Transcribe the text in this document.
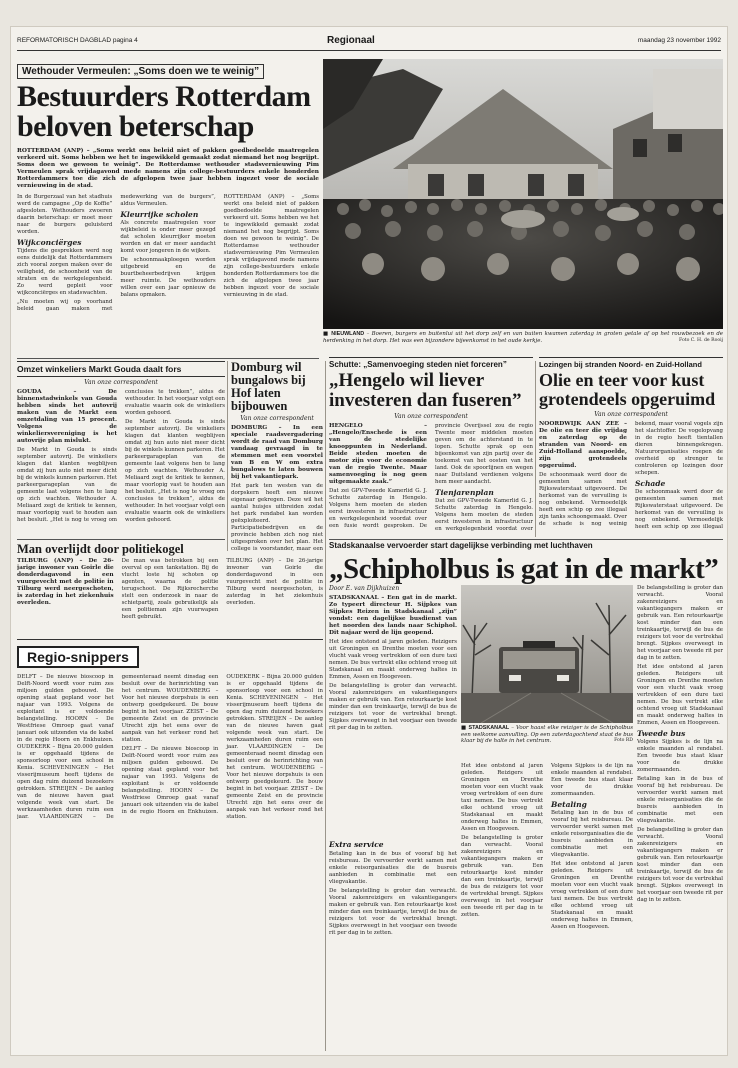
REFORMATORISCH DAGBLAD pagina 4	Regionaal	maandag 23 november 1992
Wethouder Vermeulen: „Soms doen we te weinig”
Bestuurders Rotterdam beloven beterschap
ROTTERDAM (ANP) – „Soms werkt ons beleid niet of pakken goedbedoelde maatregelen verkeerd uit. Soms hebben we het te ingewikkeld gemaakt zodat niemand het nog begrijpt. Soms doen we gewoon te weinig”. De Rotterdamse wethouder stadsvernieuwing Pim Vermeulen sprak vrijdagavond mede namens zijn college-bestuurders enkele honderden Rotterdammers toe die zich de afgelopen twee jaar hebben ingezet voor de sociale vernieuwing in de stad.

In de Burgerzaal van het stadhuis werd de campagne „Op de Koffie” afgesloten. Wethouders zwoeren daarin beterschap: er moet meer naar de burgers geluisterd worden.

Wijkconciërges

Tijdens die gesprekken werd nog eens duidelijk dat Rotterdammers zich vooral zorgen maken over de veiligheid, de schoonheid van de straten en de werkgelegenheid. Zo werd gepleit voor wijkconciërges en stadswachten.

„Nu moeten wij op voorhand beleid gaan maken met medewerking van de burgers”, aldus Vermeulen.

Kleurrijke scholen

Als concrete maatregelen voor wijkbeleid is onder meer gezegd dat scholen kleurrijker moeten worden en dat er meer aandacht komt voor jongeren in de wijken.

De schoonmaakploegen worden uitgebreid en de buurtbeheerbedrijven krijgen meer ruimte. De wethouders willen over een jaar opnieuw de balans opmaken.

ROTTERDAM (ANP) – „Soms werkt ons beleid niet of pakken goedbedoelde maatregelen verkeerd uit. Soms hebben we het te ingewikkeld gemaakt zodat niemand het nog begrijpt. Soms doen we gewoon te weinig”. De Rotterdamse wethouder stadsvernieuwing Pim Vermeulen sprak vrijdagavond mede namens zijn college-bestuurders enkele honderden Rotterdammers toe die zich de afgelopen twee jaar hebben ingezet voor de sociale vernieuwing in de stad.

■ NIEUWLAND – Boeren, burgers en buitenlui uit het dorp zelf en van buiten kwamen zaterdag in groten getale af op het rouwbezoek en de herdenking in het dorp. Het was een bijzondere bijeenkomst in het oude kerkje.	Foto C. H. de Rooij
Omzet winkeliers Markt Gouda daalt fors
Van onze correspondent

GOUDA – De binnenstadwinkels van Gouda hebben sinds het autovrij maken van de Markt een omzetdaling van 15 procent. Volgens de winkeliersvereniging is het autovrije plan mislukt.

De Markt in Gouda is sinds september autovrij. De winkeliers klagen dat klanten wegblijven omdat zij hun auto niet meer dicht bij de winkels kunnen parkeren. Het parkeergarageplan van de gemeente laat volgens hen te lang op zich wachten. Wethouder A. Meliaard zegt de kritiek te kennen, maar voorlopig vast te houden aan het besluit. „Het is nog te vroeg om conclusies te trekken”, aldus de wethouder. In het voorjaar volgt een evaluatie waarin ook de winkeliers worden gehoord.

De Markt in Gouda is sinds september autovrij. De winkeliers klagen dat klanten wegblijven omdat zij hun auto niet meer dicht bij de winkels kunnen parkeren. Het parkeergarageplan van de gemeente laat volgens hen te lang op zich wachten. Wethouder A. Meliaard zegt de kritiek te kennen, maar voorlopig vast te houden aan het besluit. „Het is nog te vroeg om conclusies te trekken”, aldus de wethouder. In het voorjaar volgt een evaluatie waarin ook de winkeliers worden gehoord.

Domburg wil bungalows bij Hof laten bijbouwen
Van onze correspondent

DOMBURG – In een speciale raadsvergadering wordt de raad van Domburg vandaag gevraagd in te stemmen met een voorstel van B en W om extra bungalows te laten bouwen bij het vakantiepark.

Het park ten westen van de dorpskern heeft een nieuwe eigenaar gekregen. Deze wil het aantal huisjes uitbreiden zodat het park rendabel kan worden geëxploiteerd. Participatiebedrijven en de provincie hebben zich nog niet uitgesproken over het plan. Het college is voorstander, maar een

Man overlijdt door politiekogel

TILBURG (ANP) – De 26-jarige inwoner van Goirle die donderdagavond in een vuurgevecht met de politie in Tilburg werd neergeschoten, is zaterdag in het ziekenhuis overleden.

De man was betrokken bij een overval op een tankstation. Bij de vlucht loste hij schoten op agenten, waarna de politie terugschoot. De Rijksrecherche stelt een onderzoek in naar de schietpartij, zoals gebruikelijk als een politieman zijn vuurwapen heeft gebruikt.

TILBURG (ANP) – De 26-jarige inwoner van Goirle die donderdagavond in een vuurgevecht met de politie in Tilburg werd neergeschoten, is zaterdag in het ziekenhuis overleden.

Regio-snippers

DELFT – De nieuwe bioscoop in Delft-Noord wordt voor ruim zes miljoen gulden gebouwd. De opening staat gepland voor het najaar van 1993. Volgens de exploitant is er voldoende belangstelling. HOORN – De Westfriese Omroep gaat vanaf januari ook uitzenden via de kabel in de regio Hoorn en Enkhuizen. OUDEKERK – Bijna 20.000 gulden is er opgehaald tijdens de sponsorloop voor een school in Kenia. SCHEVENINGEN – Het visserijmuseum heeft tijdens de open dag ruim duizend bezoekers getrokken. STREIJEN – De aanleg van de nieuwe haven gaat volgende week van start. De werkzaamheden duren ruim een jaar. VLAARDINGEN – De gemeenteraad neemt dinsdag een besluit over de herinrichting van het centrum. WOUDENBERG – Voor het nieuwe dorpshuis is een ontwerp goedgekeurd. De bouw begint in het voorjaar. ZEIST – De gemeente Zeist en de provincie Utrecht zijn het eens over de aanpak van het verkeer rond het station.

DELFT – De nieuwe bioscoop in Delft-Noord wordt voor ruim zes miljoen gulden gebouwd. De opening staat gepland voor het najaar van 1993. Volgens de exploitant is er voldoende belangstelling. HOORN – De Westfriese Omroep gaat vanaf januari ook uitzenden via de kabel in de regio Hoorn en Enkhuizen. OUDEKERK – Bijna 20.000 gulden is er opgehaald tijdens de sponsorloop voor een school in Kenia. SCHEVENINGEN – Het visserijmuseum heeft tijdens de open dag ruim duizend bezoekers getrokken. STREIJEN – De aanleg van de nieuwe haven gaat volgende week van start. De werkzaamheden duren ruim een jaar. VLAARDINGEN – De gemeenteraad neemt dinsdag een besluit over de herinrichting van het centrum. WOUDENBERG – Voor het nieuwe dorpshuis is een ontwerp goedgekeurd. De bouw begint in het voorjaar. ZEIST – De gemeente Zeist en de provincie Utrecht zijn het eens over de aanpak van het verkeer rond het station.

Schutte: „Samenvoeging steden niet forceren”
„Hengelo wil liever investeren dan fuseren”
Van onze correspondent

HENGELO – „Hengelo/Enschede is een van de stedelijke knooppunten in Nederland. Beide steden moeten de motor zijn voor de economie van de regio Twente. Maar samenvoeging is nog geen uitgemaakte zaak.”

Dat zei GPV-Tweede Kamerlid G. J. Schutte zaterdag in Hengelo. Volgens hem moeten de steden eerst investeren in infrastructuur en werkgelegenheid voordat over een fusie wordt gesproken. De provincie Overijssel zou de regio Twente meer middelen moeten geven om de achterstand in te lopen. Schutte sprak op een bijeenkomst van zijn partij over de toekomst van het oosten van het land. Ook de spoorlijnen en wegen naar Duitsland verdienen volgens hem meer aandacht.

Tienjarenplan

Dat zei GPV-Tweede Kamerlid G. J. Schutte zaterdag in Hengelo. Volgens hem moeten de steden eerst investeren in infrastructuur en werkgelegenheid voordat over

Lozingen bij stranden Noord- en Zuid-Holland
Olie en teer voor kust grotendeels opgeruimd
Van onze correspondent

NOORDWIJK AAN ZEE – De olie en teer die vrijdag en zaterdag op de stranden van Noord- en Zuid-Holland aanspoelde, zijn grotendeels opgeruimd.

De schoonmaak werd door de gemeenten samen met Rijkswaterstaat uitgevoerd. De herkomst van de vervuiling is nog onbekend. Vermoedelijk heeft een schip op zee illegaal zijn tanks schoongemaakt. Over de schade is nog weinig bekend, maar vooral vogels zijn het slachtoffer. De vogelopvang in de regio heeft tientallen dieren binnengekregen. Natuurorganisaties roepen de overheid op strenger te controleren op lozingen door schepen.

Schade

De schoonmaak werd door de gemeenten samen met Rijkswaterstaat uitgevoerd. De herkomst van de vervuiling is nog onbekend. Vermoedelijk heeft een schip op zee illegaal

Stadskanaalse vervoerder start dagelijkse verbinding met luchthaven
„Schipholbus is gat in de markt”
Door E. van Dijkhuizen

STADSKANAAL – Een gat in de markt. Zo typeert directeur H. Sijpkes van Sijpkes Reizen in Stadskanaal „zijn” vondst: een dagelijkse busdienst van het noorden des lands naar Schiphol. Dit najaar werd de lijn geopend.

Het idee ontstond al jaren geleden. Reizigers uit Groningen en Drenthe moeten voor een vlucht vaak vroeg vertrekken of een dure taxi nemen. De bus vertrekt elke ochtend vroeg uit Stadskanaal en maakt onderweg haltes in Emmen, Assen en Hoogeveen.

De belangstelling is groter dan verwacht. Vooral zakenreizigers en vakantiegangers maken er gebruik van. Een retourkaartje kost minder dan een treinkaartje, terwijl de bus de reizigers tot voor de vertrekhal brengt. Sijpkes overweegt in het voorjaar een tweede rit per dag in te zetten.	■ STADSKANAAL – Voor haast elke reiziger is de Schipholbus een welkome aanvulling. Op een zaterdagochtend staat de bus klaar bij de halte in het centrum.	Foto RD

De belangstelling is groter dan verwacht. Vooral zakenreizigers en vakantiegangers maken er gebruik van. Een retourkaartje kost minder dan een treinkaartje, terwijl de bus de reizigers tot voor de vertrekhal brengt. Sijpkes overweegt in het voorjaar een tweede rit per dag in te zetten.

Het idee ontstond al jaren geleden. Reizigers uit Groningen en Drenthe moeten voor een vlucht vaak vroeg vertrekken of een dure taxi nemen. De bus vertrekt elke ochtend vroeg uit Stadskanaal en maakt onderweg haltes in Emmen, Assen en Hoogeveen.

Tweede bus

Volgens Sijpkes is de lijn na enkele maanden al rendabel. Een tweede bus staat klaar voor de drukke zomermaanden.

Betaling kan in de bus of vooraf bij het reisbureau. De vervoerder werkt samen met enkele reisorganisaties die de busreis aanbieden in combinatie met een vliegvakantie.

De belangstelling is groter dan verwacht. Vooral zakenreizigers en vakantiegangers maken er gebruik van. Een retourkaartje kost minder dan een treinkaartje, terwijl de bus de reizigers tot voor de vertrekhal brengt. Sijpkes overweegt in het voorjaar een tweede rit per dag in te zetten.

Extra service

Betaling kan in de bus of vooraf bij het reisbureau. De vervoerder werkt samen met enkele reisorganisaties die de busreis aanbieden in combinatie met een vliegvakantie.

De belangstelling is groter dan verwacht. Vooral zakenreizigers en vakantiegangers maken er gebruik van. Een retourkaartje kost minder dan een treinkaartje, terwijl de bus de reizigers tot voor de vertrekhal brengt. Sijpkes overweegt in het voorjaar een tweede rit per dag in te zetten.

Het idee ontstond al jaren geleden. Reizigers uit Groningen en Drenthe moeten voor een vlucht vaak vroeg vertrekken of een dure taxi nemen. De bus vertrekt elke ochtend vroeg uit Stadskanaal en maakt onderweg haltes in Emmen, Assen en Hoogeveen.

De belangstelling is groter dan verwacht. Vooral zakenreizigers en vakantiegangers maken er gebruik van. Een retourkaartje kost minder dan een treinkaartje, terwijl de bus de reizigers tot voor de vertrekhal brengt. Sijpkes overweegt in het voorjaar een tweede rit per dag in te zetten.

Volgens Sijpkes is de lijn na enkele maanden al rendabel. Een tweede bus staat klaar voor de drukke zomermaanden.

Betaling

Betaling kan in de bus of vooraf bij het reisbureau. De vervoerder werkt samen met enkele reisorganisaties die de busreis aanbieden in combinatie met een vliegvakantie.

Het idee ontstond al jaren geleden. Reizigers uit Groningen en Drenthe moeten voor een vlucht vaak vroeg vertrekken of een dure taxi nemen. De bus vertrekt elke ochtend vroeg uit Stadskanaal en maakt onderweg haltes in Emmen, Assen en Hoogeveen.
